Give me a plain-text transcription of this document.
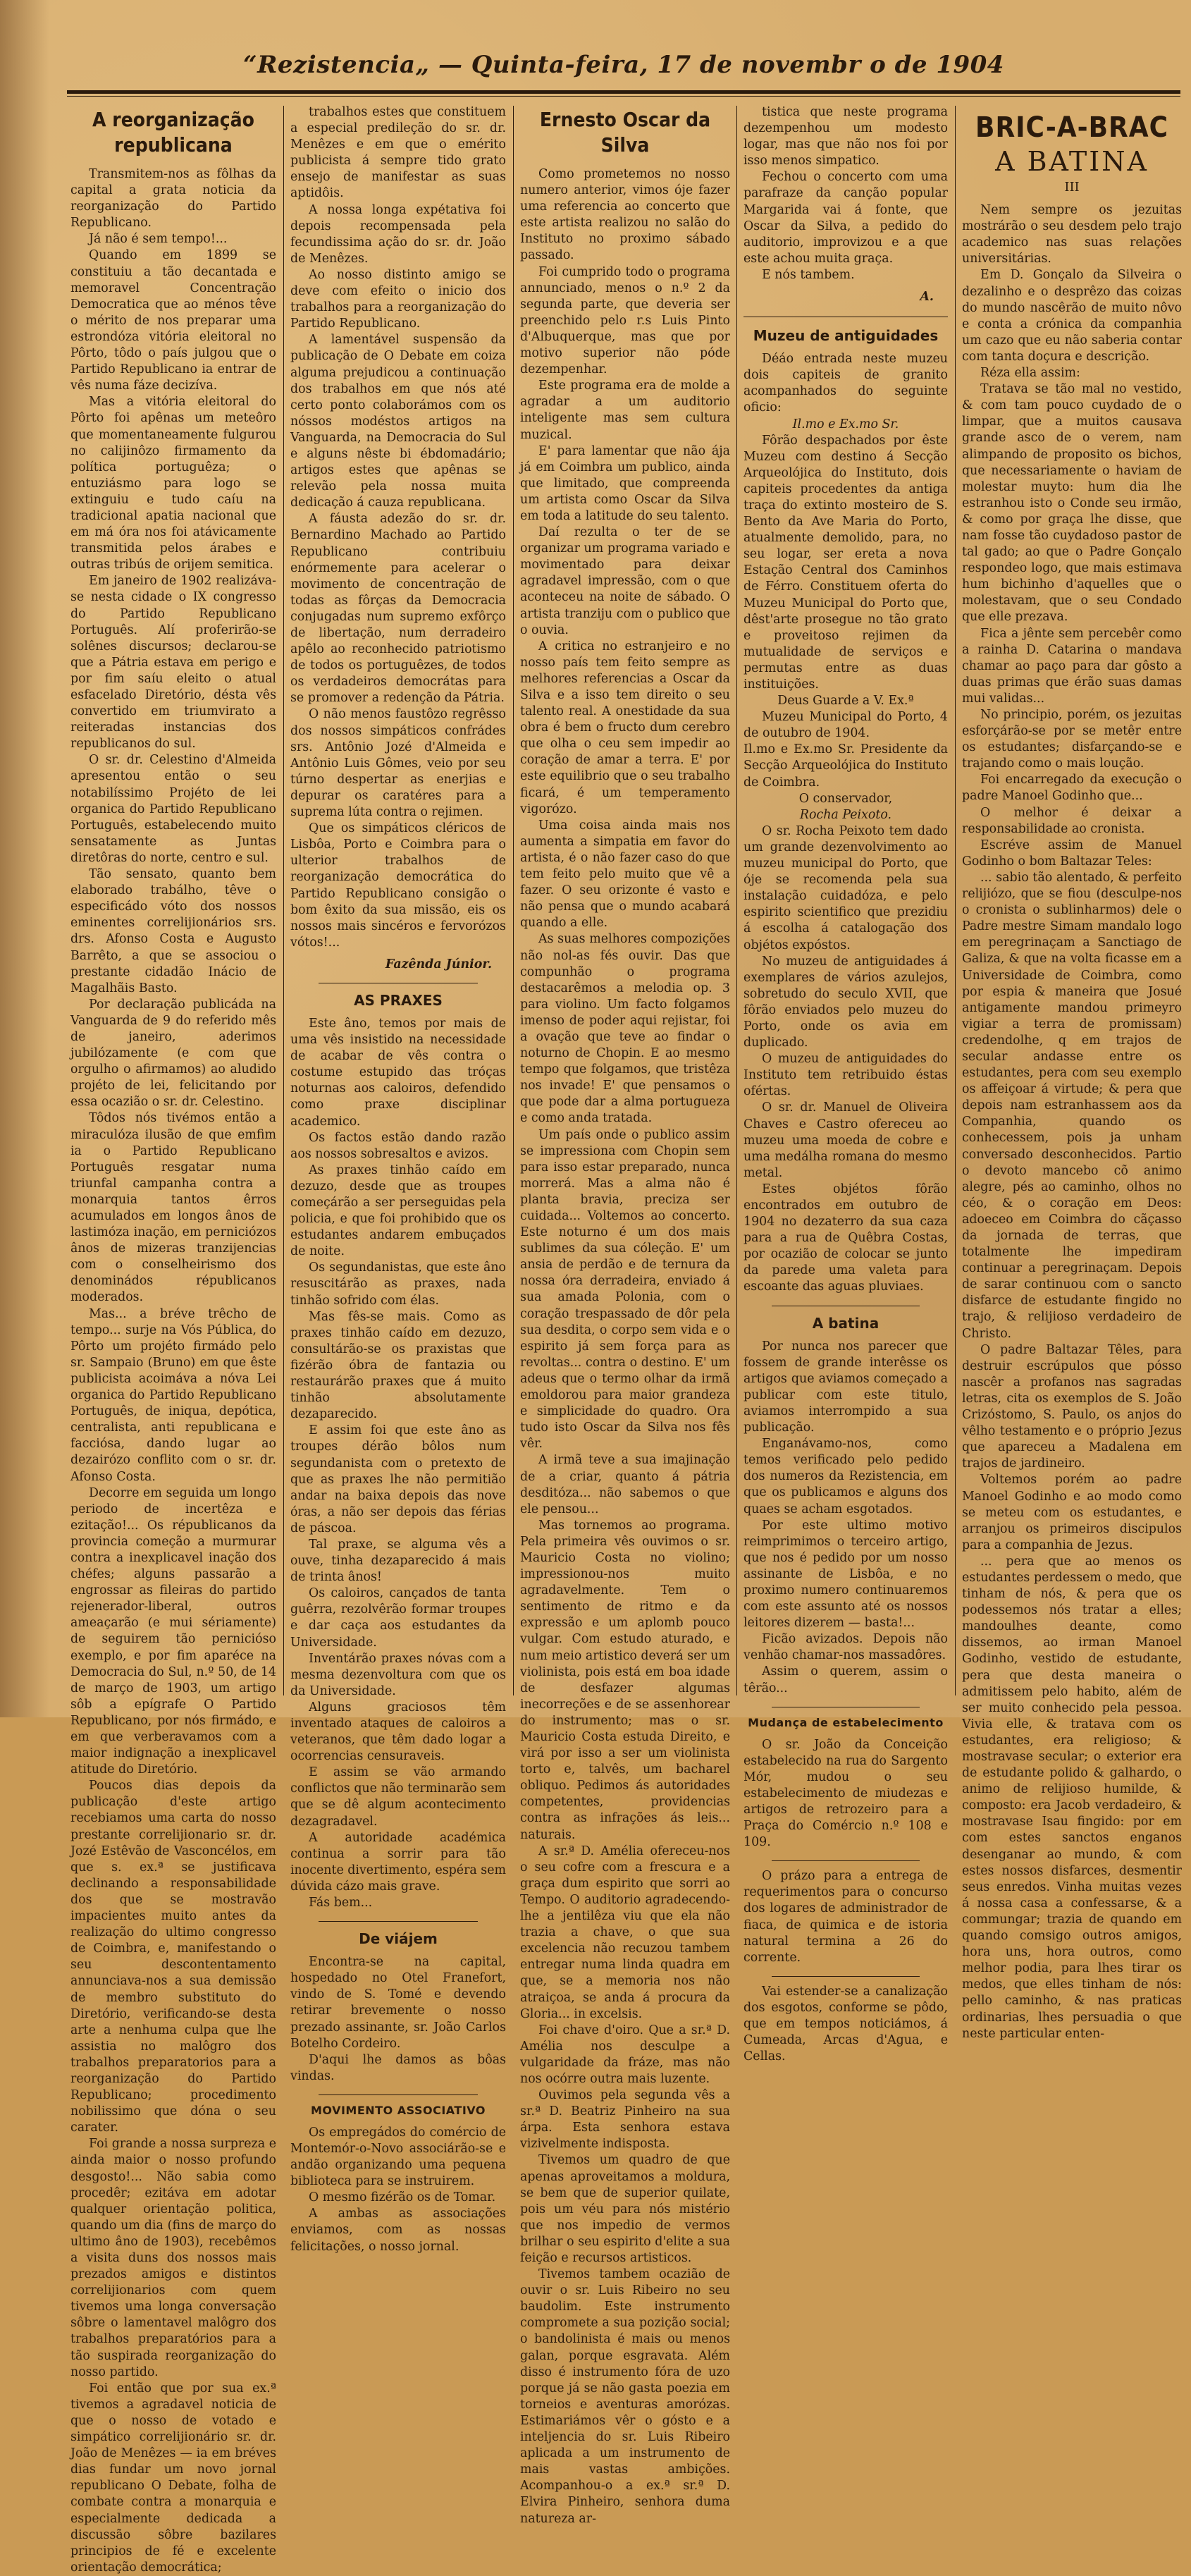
“Rezistencia„ — Quinta-feira, 17 de novembr o de 1904
A reorganização republicana

Transmitem-nos as fôlhas da capital a grata noticia da reorganização do Partido Republicano.

Já não é sem tempo!...

Quando em 1899 se constituiu a tão decantada e memoravel Concentração Democratica que ao ménos têve o mérito de nos preparar uma estrondóza vitória eleitoral no Pôrto, tôdo o país julgou que o Partido Republicano ia entrar de vês numa fáze decizíva.

Mas a vitória eleitoral do Pôrto foi apênas um meteôro que momentaneamente fulgurou no calijinôzo firmamento da política portuguêza; o entuziásmo para logo se extinguiu e tudo caíu na tradicional apatia nacional que em má óra nos foi atávicamente transmitida pelos árabes e outras tribús de orijem semitica.

Em janeiro de 1902 realizáva-se nesta cidade o IX congresso do Partido Republicano Português. Alí proferirão-se solênes discursos; declarou-se que a Pátria estava em perigo e por fim saíu eleito o atual esfacelado Diretório, désta vês convertido em triumvirato a reiteradas instancias dos republicanos do sul.

O sr. dr. Celestino d'Almeida apresentou então o seu notabilíssimo Projéto de lei organica do Partido Republicano Português, estabelecendo muito sensatamente as Juntas diretôras do norte, centro e sul.

Tão sensato, quanto bem elaborado trabálho, têve o especificádo vóto dos nossos eminentes correlijionários srs. drs. Afonso Costa e Augusto Barrêto, a que se associou o prestante cidadão Inácio de Magalhãis Basto.

Por declaração publicáda na Vanguarda de 9 do referido mês de janeiro, aderimos jubilózamente (e com que orgulho o afirmamos) ao aludido projéto de lei, felicitando por essa ocazião o sr. dr. Celestino.

Tôdos nós tivémos então a miraculóza ilusão de que emfim ia o Partido Republicano Português resgatar numa triunfal campanha contra a monarquia tantos êrros acumulados em longos ânos de lastimóza inação, em perniciózos ânos de mizeras tranzijencias com o conselheirismo dos denominádos républicanos moderados.

Mas... a bréve trêcho de tempo... surje na Vós Pública, do Pôrto um projéto firmádo pelo sr. Sampaio (Bruno) em que êste publicista acoimáva a nóva Lei organica do Partido Republicano Português, de iniqua, depótica, centralista, anti republicana e facciósa, dando lugar ao dezairózo conflito com o sr. dr. Afonso Costa.

Decorre em seguida um longo periodo de incertêza e ezitação!... Os républicanos da provincia começão a murmurar contra a inexplicavel inação dos chéfes; alguns passarão a engrossar as fileiras do partido rejenerador-liberal, outros ameaçarão (e mui sériamente) de seguirem tão pernicióso exemplo, e por fim aparéce na Democracia do Sul, n.º 50, de 14 de março de 1903, um artigo sôb a epígrafe O Partido Republicano, por nós firmádo, e em que verberavamos com a maior indignação a inexplicavel atitude do Diretório.

Poucos dias depois da publicação d'este artigo recebiamos uma carta do nosso prestante correlijionario sr. dr. Jozé Estêvão de Vasconcélos, em que s. ex.ª se justificava declinando a responsabilidade dos que se mostravão impacientes muito antes da realização do ultimo congresso de Coimbra, e, manifestando o seu descontentamento annunciava-nos a sua demissão de membro substituto do Diretório, verificando-se desta arte a nenhuma culpa que lhe assistia no malôgro dos trabalhos preparatorios para a reorganização do Partido Republicano; procedimento nobilissimo que dóna o seu carater.

Foi grande a nossa surpreza e ainda maior o nosso profundo desgosto!... Não sabia como procedêr; ezitáva em adotar qualquer orientação politica, quando um dia (fins de março do ultimo âno de 1903), recebêmos a visita duns dos nossos mais prezados amigos e distintos correlijionarios com quem tivemos uma longa conversação sôbre o lamentavel malôgro dos trabalhos preparatórios para a tão suspirada reorganização do nosso partido.

Foi então que por sua ex.ª tivemos a agradavel noticia de que o nosso de votado e simpático correlijionário sr. dr. João de Menêzes — ia em bréves dias fundar um novo jornal republicano O Debate, folha de combate contra a monarquia e especialmente dedicada a discussão sôbre bazilares principios de fé e excelente orientação democrática;

trabalhos estes que constituem a especial predileção do sr. dr. Menêzes e em que o emérito publicista á sempre tido grato ensejo de manifestar as suas aptidôis.

A nossa longa expétativa foi depois recompensada pela fecundissima ação do sr. dr. João de Menêzes.

Ao nosso distinto amigo se deve com efeito o inicio dos trabalhos para a reorganização do Partido Republicano.

A lamentável suspensão da publicação de O Debate em coiza alguma prejudicou a continuação dos trabalhos em que nós até certo ponto colaborámos com os nóssos modéstos artigos na Vanguarda, na Democracia do Sul e alguns nêste bi ébdomadário; artigos estes que apênas se relevão pela nossa muita dedicação á cauza republicana.

A fáusta adezão do sr. dr. Bernardino Machado ao Partido Republicano contribuiu enórmemente para acelerar o movimento de concentração de todas as fôrças da Democracia conjugadas num supremo exfôrço de libertação, num derradeiro apêlo ao reconhecido patriotismo de todos os portuguêzes, de todos os verdadeiros democrátas para se promover a redenção da Pátria.

O não menos faustôzo regrêsso dos nossos simpáticos confrádes srs. Antônio Jozé d'Almeida e Antônio Luis Gômes, veio por seu túrno despertar as enerjias e depurar os caratéres para a suprema lúta contra o rejimen.

Que os simpáticos cléricos de Lisbôa, Porto e Coimbra para o ulterior trabalhos de reorganização democrática do Partido Republicano consigão o bom êxito da sua missão, eis os nossos mais sincéros e fervorózos vótos!...

Fazênda Júnior.
AS PRAXES

Este âno, temos por mais de uma vês insistido na necessidade de acabar de vês contra o costume estupido das tróças noturnas aos caloiros, defendido como praxe disciplinar academico.

Os factos estão dando razão aos nossos sobresaltos e avizos.

As praxes tinhão caído em dezuzo, desde que as troupes começárão a ser perseguidas pela policia, e que foi prohibido que os estudantes andarem embuçados de noite.

Os segundanistas, que este âno resuscitárão as praxes, nada tinhão sofrido com élas.

Mas fês-se mais. Como as praxes tinhão caído em dezuzo, consultárão-se os praxistas que fizérão óbra de fantazia ou restaurárão praxes que á muito tinhão absolutamente dezaparecido.

E assim foi que este âno as troupes dérão bôlos num segundanista com o pretexto de que as praxes lhe não permitião andar na baixa depois das nove óras, a não ser depois das férias de páscoa.

Tal praxe, se alguma vês a ouve, tinha dezaparecido á mais de trinta ânos!

Os caloiros, cançados de tanta guêrra, rezolvêrão formar troupes e dar caça aos estudantes da Universidade.

Inventárão praxes nóvas com a mesma dezenvoltura com que os da Universidade.

Alguns graciosos têm inventado ataques de caloiros a veteranos, que têm dado logar a ocorrencias censuraveis.

E assim se vão armando conflictos que não terminarão sem que se dê algum acontecimento dezagradavel.

A autoridade académica continua a sorrir para tão inocente divertimento, espéra sem dúvida cázo mais grave.

Fás bem...

De viájem

Encontra-se na capital, hospedado no Otel Franefort, vindo de S. Tomé e devendo retirar brevemente o nosso prezado assinante, sr. João Carlos Botelho Cordeiro.

D'aqui lhe damos as bôas vindas.

MOVIMENTO ASSOCIATIVO

Os empregádos do comércio de Montemór-o-Novo associárão-se e andão organizando uma pequena biblioteca para se instruirem.

O mesmo fizérão os de Tomar.

A ambas as associações enviamos, com as nossas felicitações, o nosso jornal.

Ernesto Oscar da Silva

Como prometemos no nosso numero anterior, vimos óje fazer uma referencia ao concerto que este artista realizou no salão do Instituto no proximo sábado passado.

Foi cumprido todo o programa annunciado, menos o n.º 2 da segunda parte, que deveria ser preenchido pelo r.s Luis Pinto d'Albuquerque, mas que por motivo superior não póde dezempenhar.

Este programa era de molde a agradar a um auditorio inteligente mas sem cultura muzical.

E' para lamentar que não ája já em Coimbra um publico, ainda que limitado, que compreenda um artista como Oscar da Silva em toda a latitude do seu talento.

Daí rezulta o ter de se organizar um programa variado e movimentado para deixar agradavel impressão, com o que aconteceu na noite de sábado. O artista tranziju com o publico que o ouvia.

A critica no estranjeiro e no nosso país tem feito sempre as melhores referencias a Oscar da Silva e a isso tem direito o seu talento real. A onestidade da sua obra é bem o fructo dum cerebro que olha o ceu sem impedir ao coração de amar a terra. E' por este equilibrio que o seu trabalho ficará, é um temperamento vigorózo.

Uma coisa ainda mais nos aumenta a simpatia em favor do artista, é o não fazer caso do que tem feito pelo muito que vê a fazer. O seu orizonte é vasto e não pensa que o mundo acabará quando a elle.

As suas melhores compozições não nol-as fés ouvir. Das que compunhão o programa destacarêmos a melodia op. 3 para violino. Um facto folgamos imenso de poder aqui rejistar, foi a ovação que teve ao findar o noturno de Chopin. E ao mesmo tempo que folgamos, que tristêza nos invade! E' que pensamos o que pode dar a alma portugueza e como anda tratada.

Um país onde o publico assim se impressiona com Chopin sem para isso estar preparado, nunca morrerá. Mas a alma não é planta bravia, preciza ser cuidada... Voltemos ao concerto. Este noturno é um dos mais sublimes da sua cóleção. E' um ansia de perdão e de ternura da nossa óra derradeira, enviado á sua amada Polonia, com o coração trespassado de dôr pela sua desdita, o corpo sem vida e o espirito já sem força para as revoltas... contra o destino. E' um adeus que o termo olhar da irmã emoldorou para maior grandeza e simplicidade do quadro. Ora tudo isto Oscar da Silva nos fês vêr.

A irmã teve a sua imajinação de a criar, quanto á pátria desditóza... não sabemos o que ele pensou...

Mas tornemos ao programa. Pela primeira vês ouvimos o sr. Mauricio Costa no violino; impressionou-nos muito agradavelmente. Tem o sentimento de ritmo e da expressão e um aplomb pouco vulgar. Com estudo aturado, e num meio artistico deverá ser um violinista, pois está em boa idade de desfazer algumas inecorreções e de se assenhorear do instrumento; mas o sr. Mauricio Costa estuda Direito, e virá por isso a ser um violinista torto e, talvês, um bacharel obliquo. Pedimos ás autoridades competentes, providencias contra as infrações ás leis... naturais.

A sr.ª D. Amélia ofereceu-nos o seu cofre com a frescura e a graça dum espirito que sorri ao Tempo. O auditorio agradecendo-lhe a jentilêza viu que ela não trazia a chave, o que sua excelencia não recuzou tambem entregar numa linda quadra em que, se a memoria nos não atraiçoa, se anda á procura da Gloria... in excelsis.

Foi chave d'oiro. Que a sr.ª D. Amélia nos desculpe a vulgaridade da fráze, mas não nos ocórre outra mais luzente.

Ouvimos pela segunda vês a sr.ª D. Beatriz Pinheiro na sua árpa. Esta senhora estava vizivelmente indisposta.

Tivemos um quadro de que apenas aproveitamos a moldura, se bem que de superior quilate, pois um véu para nós mistério que nos impedio de vermos brilhar o seu espirito d'elite a sua feição e recursos artisticos.

Tivemos tambem ocazião de ouvir o sr. Luis Ribeiro no seu baudolim. Este instrumento compromete a sua pozição social; o bandolinista é mais ou menos galan, porque esgravata. Além disso é instrumento fóra de uzo porque já se não gasta poezia em torneios e aventuras amorózas. Estimariámos vêr o gósto e a inteljencia do sr. Luis Ribeiro aplicada a um instrumento de mais vastas ambições. Acompanhou-o a ex.ª sr.ª D. Elvira Pinheiro, senhora duma natureza ar-

tistica que neste programa dezempenhou um modesto logar, mas que não nos foi por isso menos simpatico.

Fechou o concerto com uma parafraze da canção popular Margarida vai á fonte, que Oscar da Silva, a pedido do auditorio, improvizou e a que este achou muita graça.

E nós tambem.

A.
Muzeu de antiguidades

Déáo entrada neste muzeu dois capiteis de granito acompanhados do seguinte oficio:

Il.mo e Ex.mo Sr.

Fôrão despachados por êste Muzeu com destino á Secção Arqueolójica do Instituto, dois capiteis procedentes da antiga traça do extinto mosteiro de S. Bento da Ave Maria do Porto, atualmente demolido, para, no seu logar, ser ereta a nova Estação Central dos Caminhos de Férro. Constituem oferta do Muzeu Municipal do Porto que, dêst'arte prosegue no tão grato e proveitoso rejimen da mutualidade de serviços e permutas entre as duas instituições.

Deus Guarde a V. Ex.ª

Muzeu Municipal do Porto, 4 de outubro de 1904.

Il.mo e Ex.mo Sr. Presidente da Secção Arqueolójica do Instituto de Coimbra.

O conservador,

Rocha Peixoto.

O sr. Rocha Peixoto tem dado um grande dezenvolvimento ao muzeu municipal do Porto, que óje se recomenda pela sua instalação cuidadóza, e pelo espirito scientifico que prezidiu á escolha á catalogação dos objétos expóstos.

No muzeu de antiguidades á exemplares de vários azulejos, sobretudo do seculo XVII, que fôrão enviados pelo muzeu do Porto, onde os avia em duplicado.

O muzeu de antiguidades do Instituto tem retribuido éstas ofértas.

O sr. dr. Manuel de Oliveira Chaves e Castro ofereceu ao muzeu uma moeda de cobre e uma medálha romana do mesmo metal.

Estes objétos fôrão encontrados em outubro de 1904 no dezaterro da sua caza para a rua de Quêbra Costas, por ocazião de colocar se junto da parede uma valeta para escoante das aguas pluviaes.

A batina

Por nunca nos parecer que fossem de grande interêsse os artigos que aviamos começado a publicar com este titulo, aviamos interrompido a sua publicação.

Enganávamo-nos, como temos verificado pelo pedido dos numeros da Rezistencia, em que os publicamos e alguns dos quaes se acham esgotados.

Por este ultimo motivo reimprimimos o terceiro artigo, que nos é pedido por um nosso assinante de Lisbôa, e no proximo numero continuaremos com este assunto até os nossos leitores dizerem — basta!...

Ficão avizados. Depois não venhão chamar-nos massadôres.

Assim o querem, assim o têrão...

Mudança de estabelecimento

O sr. João da Conceição estabelecido na rua do Sargento Mór, mudou o seu estabelecimento de miudezas e artigos de retrozeiro para a Praça do Comércio n.º 108 e 109.

O prázo para a entrega de requerimentos para o concurso dos logares de administrador de fiaca, de quimica e de istoria natural termina a 26 do corrente.

Vai estender-se a canalização dos esgotos, conforme se pôdo, que em tempos noticiámos, á Cumeada, Arcas d'Agua, e Cellas.

BRIC-A-BRAC
A BATINA
III

Nem sempre os jezuitas mostrárão o seu desdem pelo trajo academico nas suas relações universitárias.

Em D. Gonçalo da Silveira o dezalinho e o desprêzo das coizas do mundo nascêrão de muito nôvo e conta a crónica da companhia um cazo que eu não saberia contar com tanta doçura e descrição.

Réza ella assim:

Tratava se tão mal no vestido, & com tam pouco cuydado de o limpar, que a muitos causava grande asco de o verem, nam alimpando de proposito os bichos, que necessariamente o haviam de molestar muyto: hum dia lhe estranhou isto o Conde seu irmão, & como por graça lhe disse, que nam fosse tão cuydadoso pastor de tal gado; ao que o Padre Gonçalo respondeo logo, que mais estimava hum bichinho d'aquelles que o molestavam, que o seu Condado que elle prezava.

Fica a jênte sem percebêr como a rainha D. Catarina o mandava chamar ao paço para dar gôsto a duas primas que érão suas damas mui validas...

No principio, porém, os jezuitas esforçárão-se por se metêr entre os estudantes; disfarçando-se e trajando como o mais loução.

Foi encarregado da execução o padre Manoel Godinho que...

O melhor é deixar a responsabilidade ao cronista.

Escréve assim de Manuel Godinho o bom Baltazar Teles:

... sabio tão alentado, & perfeito relijiózo, que se fiou (desculpe-nos o cronista o sublinharmos) dele o Padre mestre Simam mandalo logo em peregrinaçam a Sanctiago de Galiza, & que na volta ficasse em a Universidade de Coimbra, como por espia & maneira que Josué antigamente mandou primeyro vigiar a terra de promissam) credendolhe, q em trajos de secular andasse entre os estudantes, pera com seu exemplo os affeiçoar á virtude; & pera que depois nam estranhassem aos da Companhia, quando os conhecessem, pois ja unham conversado desconhecidos. Partio o devoto mancebo cõ animo alegre, pés ao caminho, olhos no céo, & o coração em Deos: adoeceo em Coimbra do cãçasso da jornada de terras, que totalmente lhe impediram continuar a peregrinaçam. Depois de sarar continuou com o sancto disfarce de estudante fingido no trajo, & relijioso verdadeiro de Christo.

O padre Baltazar Têles, para destruir escrúpulos que pósso nascêr a profanos nas sagradas letras, cita os exemplos de S. João Crizóstomo, S. Paulo, os anjos do vêlho testamento e o próprio Jezus que apareceu a Madalena em trajos de jardineiro.

Voltemos porém ao padre Manoel Godinho e ao modo como se meteu com os estudantes, e arranjou os primeiros discipulos para a companhia de Jezus.

... pera que ao menos os estudantes perdessem o medo, que tinham de nós, & pera que os podessemos nós tratar a elles; mandoulhes deante, como dissemos, ao irman Manoel Godinho, vestido de estudante, pera que desta maneira o admitissem pelo habito, além de ser muito conhecido pela pessoa. Vivia elle, & tratava com os estudantes, era religioso; & mostravase secular; o exterior era de estudante polido & galhardo, o animo de relijioso humilde, & composto: era Jacob verdadeiro, & mostravase Isau fingido: por em com estes sanctos enganos desenganar ao mundo, & com estes nossos disfarces, desmentir seus enredos. Vinha muitas vezes á nossa casa a confessarse, & a commungar; trazia de quando em quando comsigo outros amigos, hora uns, hora outros, como melhor podia, para lhes tirar os medos, que elles tinham de nós: pello caminho, & nas praticas ordinarias, lhes persuadia o que neste particular enten-
